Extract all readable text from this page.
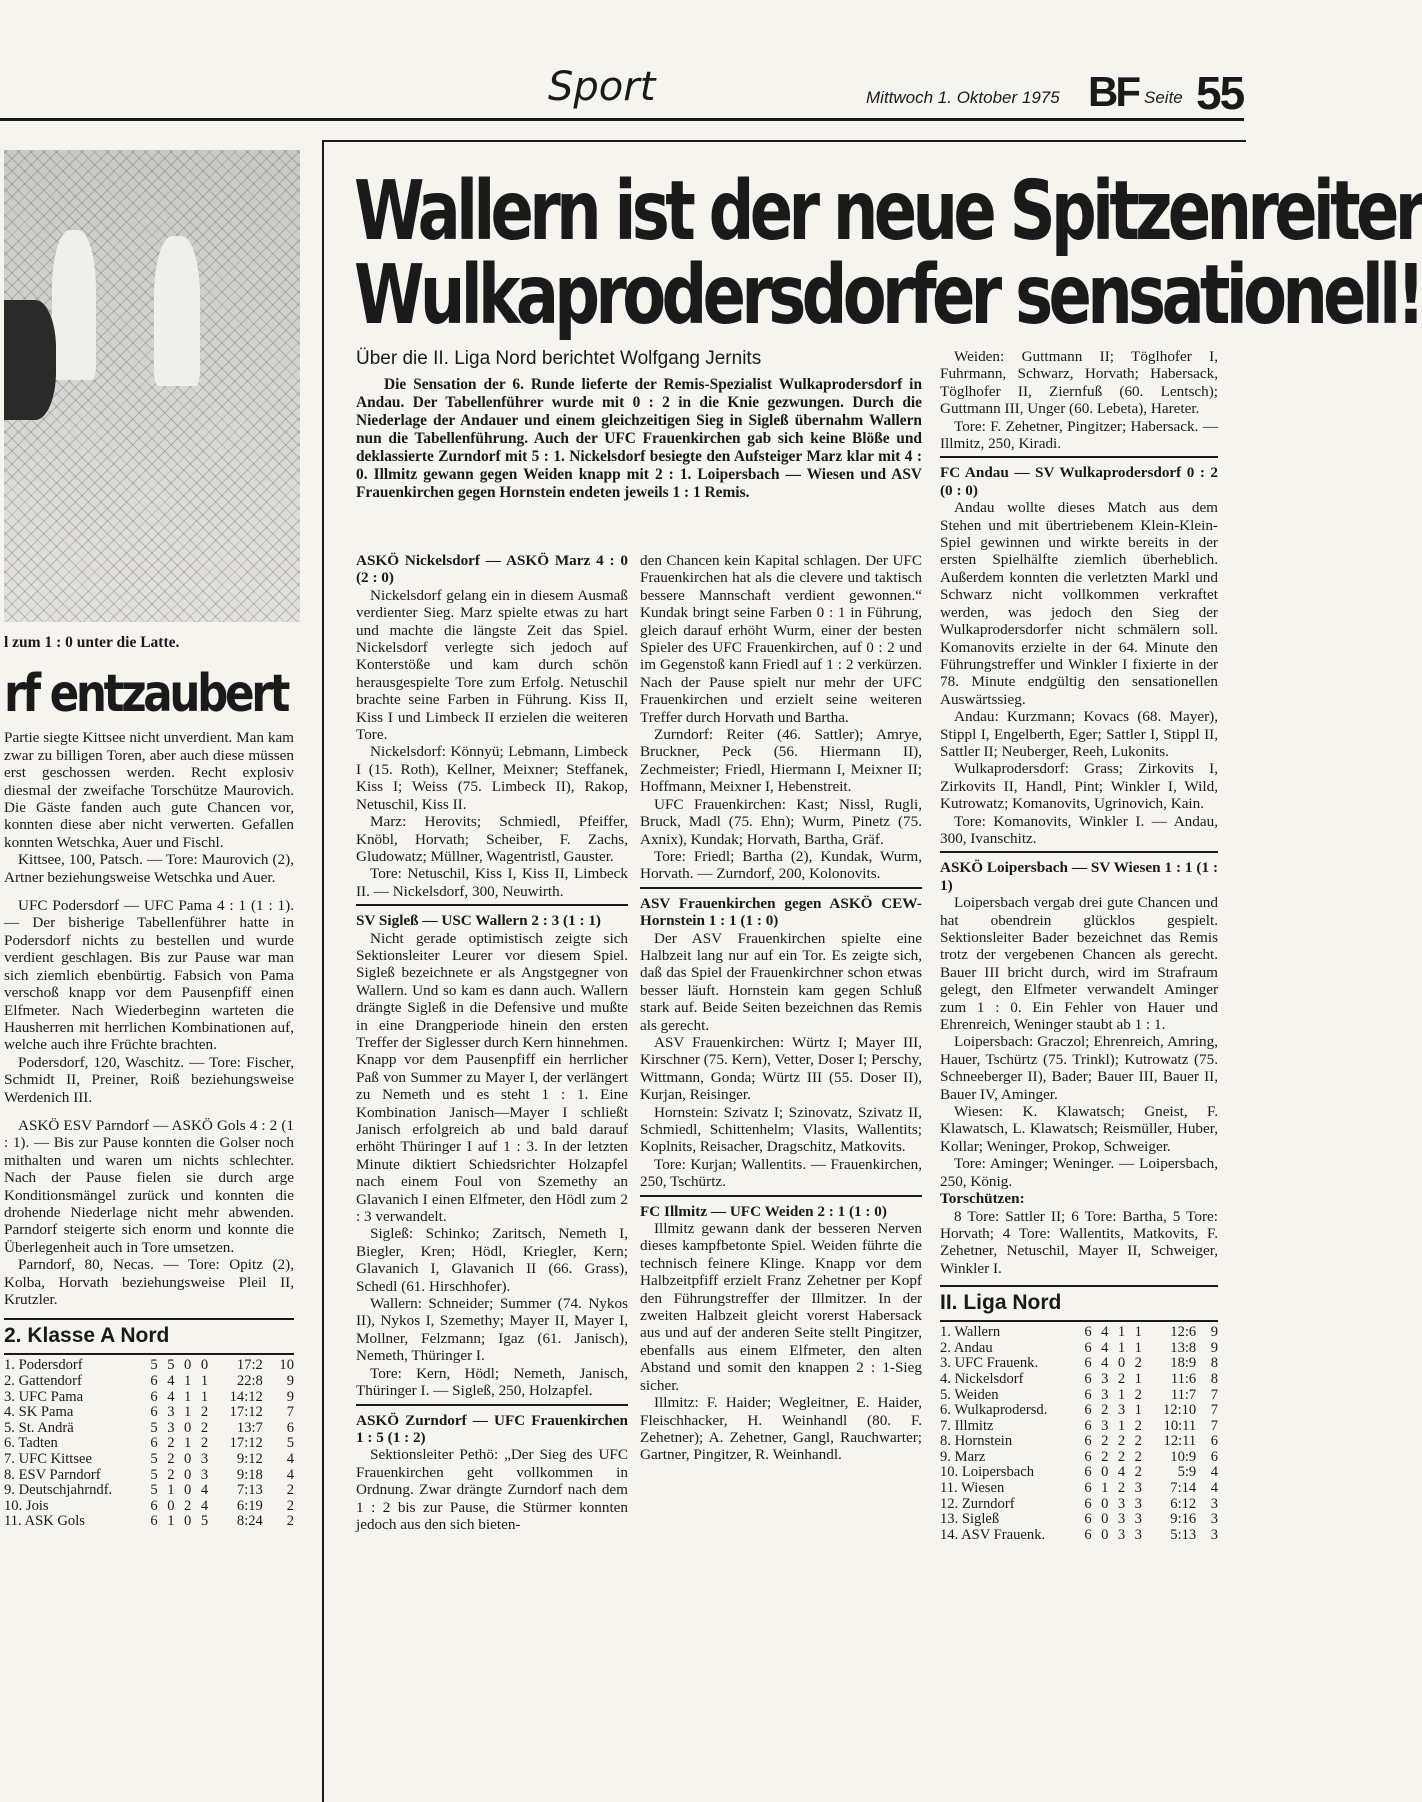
Sport	Mittwoch 1. Oktober 1975 BF Seite 55
l zum 1 : 0 unter die Latte.
rf entzaubert

Partie siegte Kittsee nicht unverdient. Man kam zwar zu billigen Toren, aber auch diese müssen erst geschossen werden. Recht explosiv diesmal der zweifache Torschütze Maurovich. Die Gäste fanden auch gute Chancen vor, konnten diese aber nicht verwerten. Gefallen konnten Wetschka, Auer und Fischl.

Kittsee, 100, Patsch. — Tore: Maurovich (2), Artner beziehungsweise Wetschka und Auer.

UFC Podersdorf — UFC Pama 4 : 1 (1 : 1). — Der bisherige Tabellenführer hatte in Podersdorf nichts zu bestellen und wurde verdient geschlagen. Bis zur Pause war man sich ziemlich ebenbürtig. Fabsich von Pama verschoß knapp vor dem Pausenpfiff einen Elfmeter. Nach Wiederbeginn warteten die Hausherren mit herrlichen Kombinationen auf, welche auch ihre Früchte brachten.

Podersdorf, 120, Waschitz. — Tore: Fischer, Schmidt II, Preiner, Roiß beziehungsweise Werdenich III.

ASKÖ ESV Parndorf — ASKÖ Gols 4 : 2 (1 : 1). — Bis zur Pause konnten die Golser noch mithalten und waren um nichts schlechter. Nach der Pause fielen sie durch arge Konditionsmängel zurück und konnten die drohende Niederlage nicht mehr abwenden. Parndorf steigerte sich enorm und konnte die Überlegenheit auch in Tore umsetzen.

Parndorf, 80, Necas. — Tore: Opitz (2), Kolba, Horvath beziehungsweise Pleil II, Krutzler.

2. Klasse A Nord
1. Podersdorf	5	5	0	0	17:2	10
2. Gattendorf	6	4	1	1	22:8	9
3. UFC Pama	6	4	1	1	14:12	9
4. SK Pama	6	3	1	2	17:12	7
5. St. Andrä	5	3	0	2	13:7	6
6. Tadten	6	2	1	2	17:12	5
7. UFC Kittsee	5	2	0	3	9:12	4
8. ESV Parndorf	5	2	0	3	9:18	4
9. Deutschjahrndf.	5	1	0	4	7:13	2
10. Jois	6	0	2	4	6:19	2
11. ASK Gols	6	1	0	5	8:24	2
Wallern ist der neue Spitzenreiter
Wulkaprodersdorfer sensationell!
Über die II. Liga Nord berichtet Wolfgang Jernits

Die Sensation der 6. Runde lieferte der Remis-Spezialist Wulkaprodersdorf in Andau. Der Tabellenführer wurde mit 0 : 2 in die Knie gezwungen. Durch die Niederlage der Andauer und einem gleichzeitigen Sieg in Sigleß übernahm Wallern nun die Tabellenführung. Auch der UFC Frauenkirchen gab sich keine Blöße und deklassierte Zurndorf mit 5 : 1. Nickelsdorf besiegte den Aufsteiger Marz klar mit 4 : 0. Illmitz gewann gegen Weiden knapp mit 2 : 1. Loipersbach — Wiesen und ASV Frauenkirchen gegen Hornstein endeten jeweils 1 : 1 Remis.

ASKÖ Nickelsdorf — ASKÖ Marz 4 : 0 (2 : 0)

Nickelsdorf gelang ein in diesem Ausmaß verdienter Sieg. Marz spielte etwas zu hart und machte die längste Zeit das Spiel. Nickelsdorf verlegte sich jedoch auf Konterstöße und kam durch schön herausgespielte Tore zum Erfolg. Netuschil brachte seine Farben in Führung. Kiss II, Kiss I und Limbeck II erzielen die weiteren Tore.

Nickelsdorf: Könnyü; Lebmann, Limbeck I (15. Roth), Kellner, Meixner; Steffanek, Kiss I; Weiss (75. Limbeck II), Rakop, Netuschil, Kiss II.

Marz: Herovits; Schmiedl, Pfeiffer, Knöbl, Horvath; Scheiber, F. Zachs, Gludowatz; Müllner, Wagentristl, Gauster.

Tore: Netuschil, Kiss I, Kiss II, Limbeck II. — Nickelsdorf, 300, Neuwirth.

SV Sigleß — USC Wallern 2 : 3 (1 : 1)

Nicht gerade optimistisch zeigte sich Sektionsleiter Leurer vor diesem Spiel. Sigleß bezeichnete er als Angstgegner von Wallern. Und so kam es dann auch. Wallern drängte Sigleß in die Defensive und mußte in eine Drangperiode hinein den ersten Treffer der Siglesser durch Kern hinnehmen. Knapp vor dem Pausenpfiff ein herrlicher Paß von Summer zu Mayer I, der verlängert zu Nemeth und es steht 1 : 1. Eine Kombination Janisch—Mayer I schließt Janisch erfolgreich ab und bald darauf erhöht Thüringer I auf 1 : 3. In der letzten Minute diktiert Schiedsrichter Holzapfel nach einem Foul von Szemethy an Glavanich I einen Elfmeter, den Hödl zum 2 : 3 verwandelt.

Sigleß: Schinko; Zaritsch, Nemeth I, Biegler, Kren; Hödl, Kriegler, Kern; Glavanich I, Glavanich II (66. Grass), Schedl (61. Hirschhofer).

Wallern: Schneider; Summer (74. Nykos II), Nykos I, Szemethy; Mayer II, Mayer I, Mollner, Felzmann; Igaz (61. Janisch), Nemeth, Thüringer I.

Tore: Kern, Hödl; Nemeth, Janisch, Thüringer I. — Sigleß, 250, Holzapfel.

ASKÖ Zurndorf — UFC Frauenkirchen 1 : 5 (1 : 2)

Sektionsleiter Pethö: „Der Sieg des UFC Frauenkirchen geht vollkommen in Ordnung. Zwar drängte Zurndorf nach dem 1 : 2 bis zur Pause, die Stürmer konnten jedoch aus den sich bieten-

den Chancen kein Kapital schlagen. Der UFC Frauenkirchen hat als die clevere und taktisch bessere Mannschaft verdient gewonnen.“ Kundak bringt seine Farben 0 : 1 in Führung, gleich darauf erhöht Wurm, einer der besten Spieler des UFC Frauenkirchen, auf 0 : 2 und im Gegenstoß kann Friedl auf 1 : 2 verkürzen. Nach der Pause spielt nur mehr der UFC Frauenkirchen und erzielt seine weiteren Treffer durch Horvath und Bartha.

Zurndorf: Reiter (46. Sattler); Amrye, Bruckner, Peck (56. Hiermann II), Zechmeister; Friedl, Hiermann I, Meixner II; Hoffmann, Meixner I, Hebenstreit.

UFC Frauenkirchen: Kast; Nissl, Rugli, Bruck, Madl (75. Ehn); Wurm, Pinetz (75. Axnix), Kundak; Horvath, Bartha, Gräf.

Tore: Friedl; Bartha (2), Kundak, Wurm, Horvath. — Zurndorf, 200, Kolonovits.

ASV Frauenkirchen gegen ASKÖ CEW-Hornstein 1 : 1 (1 : 0)

Der ASV Frauenkirchen spielte eine Halbzeit lang nur auf ein Tor. Es zeigte sich, daß das Spiel der Frauenkirchner schon etwas besser läuft. Hornstein kam gegen Schluß stark auf. Beide Seiten bezeichnen das Remis als gerecht.

ASV Frauenkirchen: Würtz I; Mayer III, Kirschner (75. Kern), Vetter, Doser I; Perschy, Wittmann, Gonda; Würtz III (55. Doser II), Kurjan, Reisinger.

Hornstein: Szivatz I; Szinovatz, Szivatz II, Schmiedl, Schittenhelm; Vlasits, Wallentits; Koplnits, Reisacher, Dragschitz, Matkovits.

Tore: Kurjan; Wallentits. — Frauenkirchen, 250, Tschürtz.

FC Illmitz — UFC Weiden 2 : 1 (1 : 0)

Illmitz gewann dank der besseren Nerven dieses kampfbetonte Spiel. Weiden führte die technisch feinere Klinge. Knapp vor dem Halbzeitpfiff erzielt Franz Zehetner per Kopf den Führungstreffer der Illmitzer. In der zweiten Halbzeit gleicht vorerst Habersack aus und auf der anderen Seite stellt Pingitzer, ebenfalls aus einem Elfmeter, den alten Abstand und somit den knappen 2 : 1-Sieg sicher.

Illmitz: F. Haider; Wegleitner, E. Haider, Fleischhacker, H. Weinhandl (80. F. Zehetner); A. Zehetner, Gangl, Rauchwarter; Gartner, Pingitzer, R. Weinhandl.

Weiden: Guttmann II; Töglhofer I, Fuhrmann, Schwarz, Horvath; Habersack, Töglhofer II, Ziernfuß (60. Lentsch); Guttmann III, Unger (60. Lebeta), Hareter.

Tore: F. Zehetner, Pingitzer; Habersack. — Illmitz, 250, Kiradi.

FC Andau — SV Wulkaprodersdorf 0 : 2 (0 : 0)

Andau wollte dieses Match aus dem Stehen und mit übertriebenem Klein-Klein-Spiel gewinnen und wirkte bereits in der ersten Spielhälfte ziemlich überheblich. Außerdem konnten die verletzten Markl und Schwarz nicht vollkommen verkraftet werden, was jedoch den Sieg der Wulkaprodersdorfer nicht schmälern soll. Komanovits erzielte in der 64. Minute den Führungstreffer und Winkler I fixierte in der 78. Minute endgültig den sensationellen Auswärtssieg.

Andau: Kurzmann; Kovacs (68. Mayer), Stippl I, Engelberth, Eger; Sattler I, Stippl II, Sattler II; Neuberger, Reeh, Lukonits.

Wulkaprodersdorf: Grass; Zirkovits I, Zirkovits II, Handl, Pint; Winkler I, Wild, Kutrowatz; Komanovits, Ugrinovich, Kain.

Tore: Komanovits, Winkler I. — Andau, 300, Ivanschitz.

ASKÖ Loipersbach — SV Wiesen 1 : 1 (1 : 1)

Loipersbach vergab drei gute Chancen und hat obendrein glücklos gespielt. Sektionsleiter Bader bezeichnet das Remis trotz der vergebenen Chancen als gerecht. Bauer III bricht durch, wird im Strafraum gelegt, den Elfmeter verwandelt Aminger zum 1 : 0. Ein Fehler von Hauer und Ehrenreich, Weninger staubt ab 1 : 1.

Loipersbach: Graczol; Ehrenreich, Amring, Hauer, Tschürtz (75. Trinkl); Kutrowatz (75. Schneeberger II), Bader; Bauer III, Bauer II, Bauer IV, Aminger.

Wiesen: K. Klawatsch; Gneist, F. Klawatsch, L. Klawatsch; Reismüller, Huber, Kollar; Weninger, Prokop, Schweiger.

Tore: Aminger; Weninger. — Loipersbach, 250, König.

Torschützen:

8 Tore: Sattler II; 6 Tore: Bartha, 5 Tore: Horvath; 4 Tore: Wallentits, Matkovits, F. Zehetner, Netuschil, Mayer II, Schweiger, Winkler I.

II. Liga Nord
1. Wallern	6	4	1	1	12:6	9
2. Andau	6	4	1	1	13:8	9
3. UFC Frauenk.	6	4	0	2	18:9	8
4. Nickelsdorf	6	3	2	1	11:6	8
5. Weiden	6	3	1	2	11:7	7
6. Wulkaprodersd.	6	2	3	1	12:10	7
7. Illmitz	6	3	1	2	10:11	7
8. Hornstein	6	2	2	2	12:11	6
9. Marz	6	2	2	2	10:9	6
10. Loipersbach	6	0	4	2	5:9	4
11. Wiesen	6	1	2	3	7:14	4
12. Zurndorf	6	0	3	3	6:12	3
13. Sigleß	6	0	3	3	9:16	3
14. ASV Frauenk.	6	0	3	3	5:13	3
